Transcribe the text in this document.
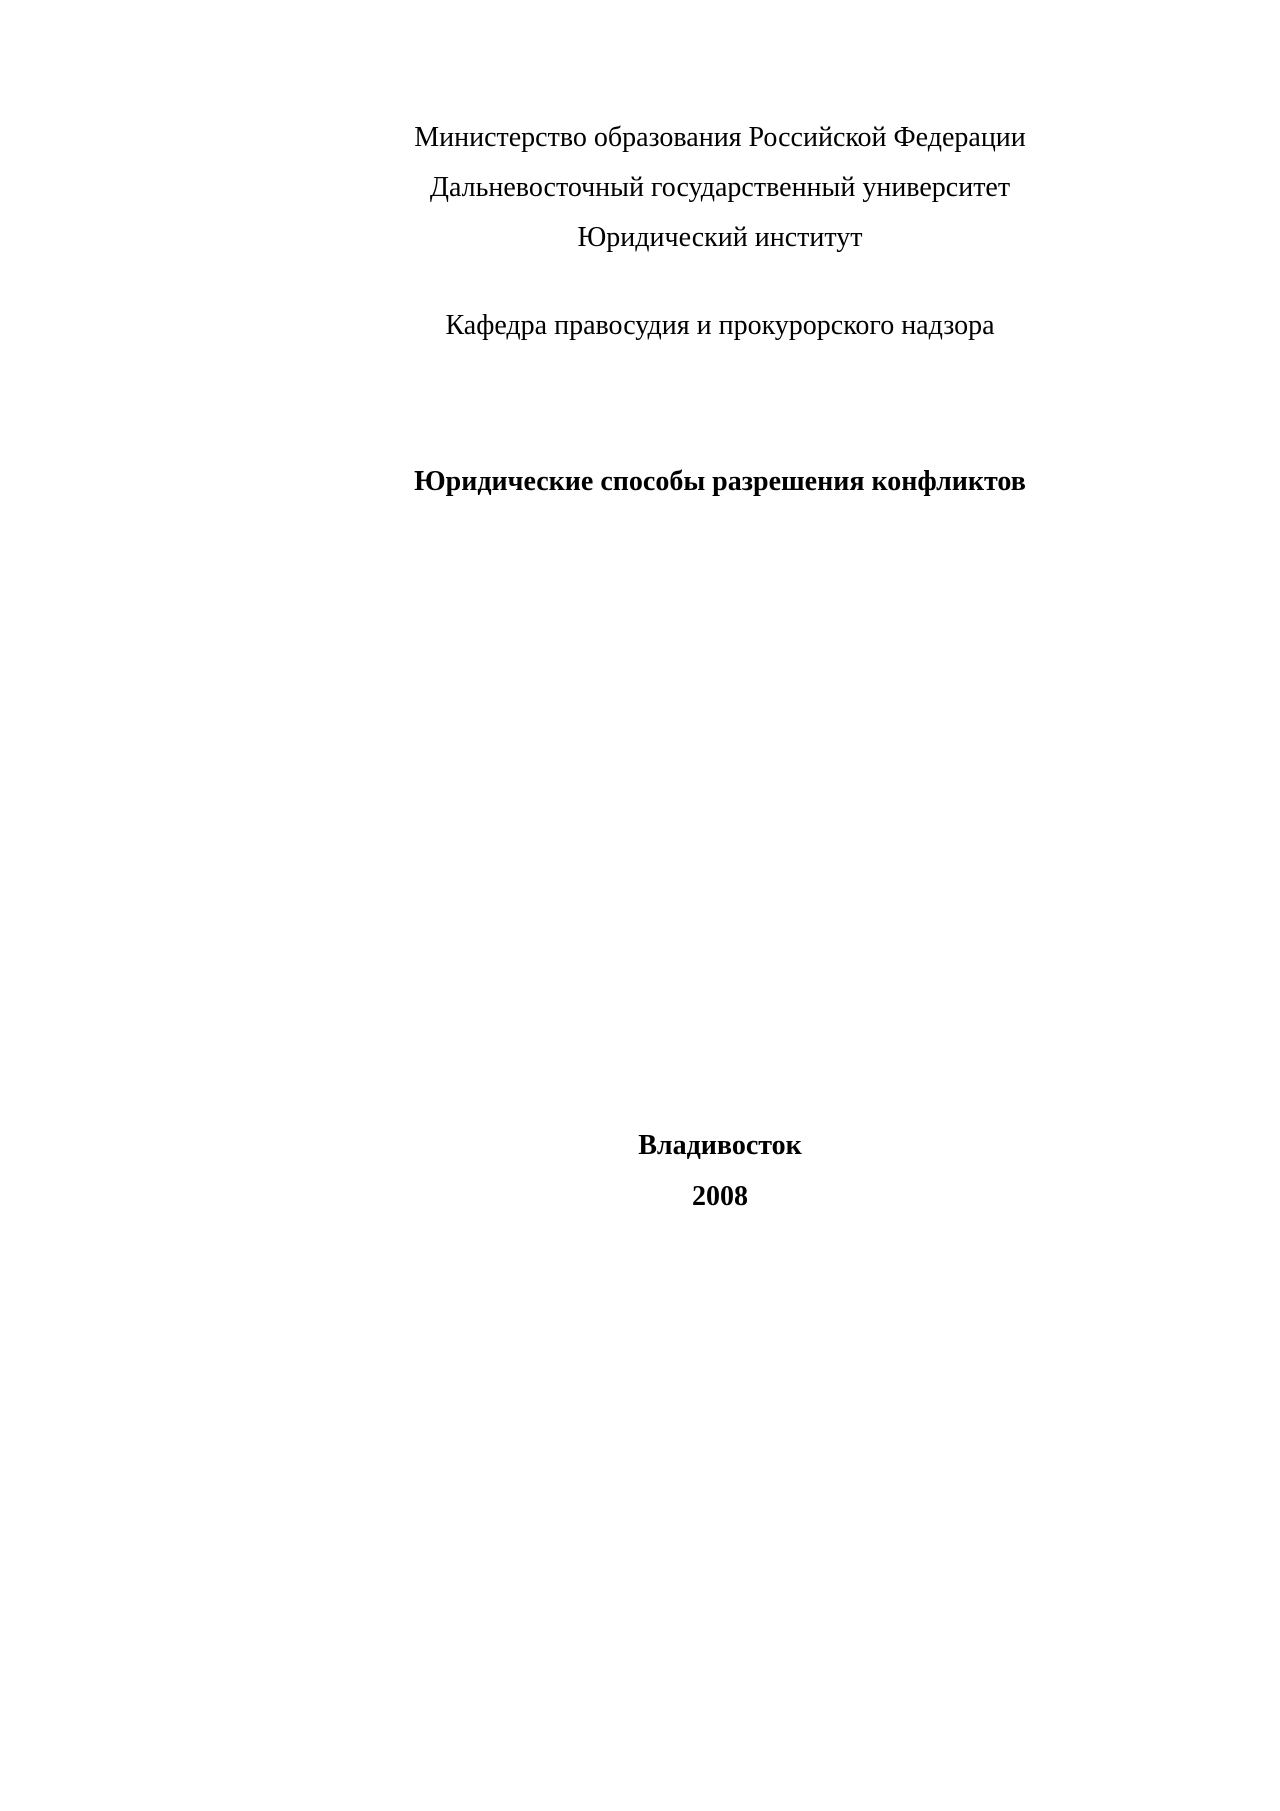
Министерство образования Российской Федерации
Дальневосточный государственный университет
Юридический институт
Кафедра правосудия и прокурорского надзора
Юридические способы разрешения конфликтов
Владивосток
2008
